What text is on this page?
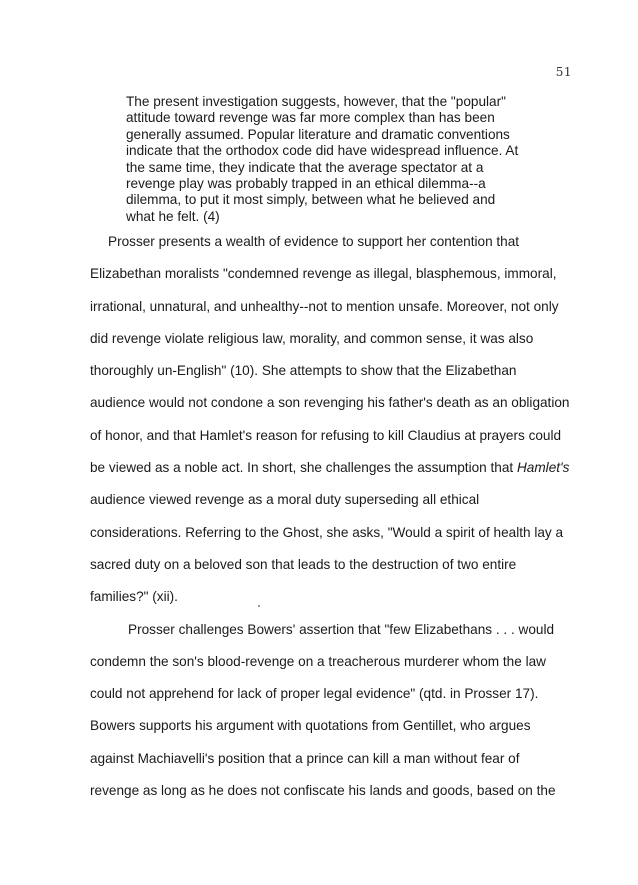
51
The present investigation suggests, however, that the "popular"
attitude toward revenge was far more complex than has been
generally assumed. Popular literature and dramatic conventions
indicate that the orthodox code did have widespread influence. At
the same time, they indicate that the average spectator at a
revenge play was probably trapped in an ethical dilemma--a
dilemma, to put it most simply, between what he believed and
what he felt. (4)
Prosser presents a wealth of evidence to support her contention that
Elizabethan moralists "condemned revenge as illegal, blasphemous, immoral,
irrational, unnatural, and unhealthy--not to mention unsafe. Moreover, not only
did revenge violate religious law, morality, and common sense, it was also
thoroughly un-English" (10). She attempts to show that the Elizabethan
audience would not condone a son revenging his father's death as an obligation
of honor, and that Hamlet's reason for refusing to kill Claudius at prayers could
be viewed as a noble act. In short, she challenges the assumption that Hamlet's
audience viewed revenge as a moral duty superseding all ethical
considerations. Referring to the Ghost, she asks, "Would a spirit of health lay a
sacred duty on a beloved son that leads to the destruction of two entire
families?" (xii).
Prosser challenges Bowers' assertion that "few Elizabethans . . . would
condemn the son's blood-revenge on a treacherous murderer whom the law
could not apprehend for lack of proper legal evidence" (qtd. in Prosser 17).
Bowers supports his argument with quotations from Gentillet, who argues
against Machiavelli's position that a prince can kill a man without fear of
revenge as long as he does not confiscate his lands and goods, based on the
